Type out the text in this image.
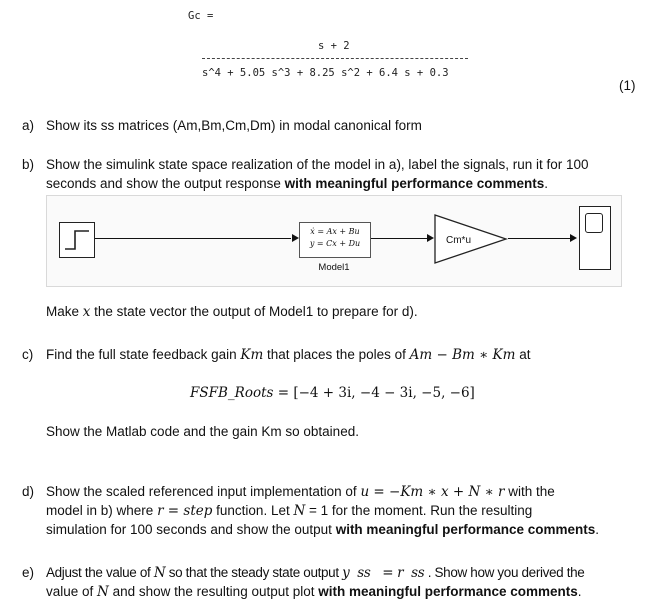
Gc =
s + 2
s^4 + 5.05 s^3 + 8.25 s^2 + 6.4 s + 0.3
(1)
a) Show its ss matrices (Am,Bm,Cm,Dm) in modal canonical form
b) Show the simulink state space realization of the model in a), label the signals, run it for 100
seconds and show the output response with meaningful performance comments.
ẋ = Ax + Bu
y = Cx + Du
Model1
Cm*u
Make x the state vector the output of Model1 to prepare for d).
c) Find the full state feedback gain Km that places the poles of Am − Bm ∗ Km at
FSFB_Roots = [−4 + 3i, −4 − 3i, −5, −6]
Show the Matlab code and the gain Km so obtained.
d) Show the scaled referenced input implementation of u = −Km ∗ x + N ∗ r with the
model in b) where r = step function. Let N = 1 for the moment. Run the resulting
simulation for 100 seconds and show the output with meaningful performance comments.
e) Adjust the value of N so that the steady state output y  ss   = r  ss . Show how you derived the
value of N and show the resulting output plot with meaningful performance comments.
